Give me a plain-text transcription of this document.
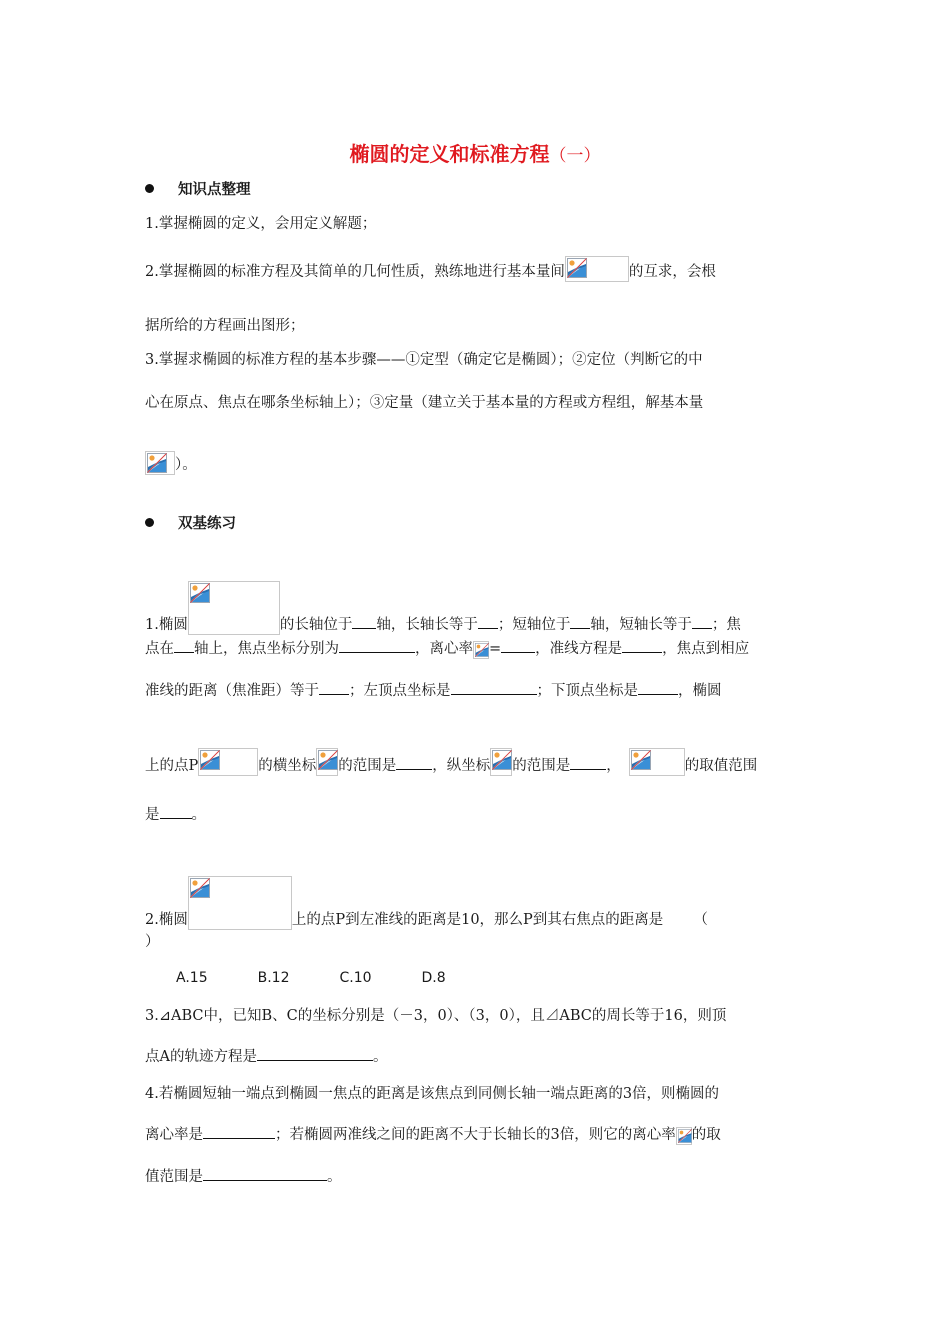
椭圆的定义和标准方程（一）
知识点整理
1.掌握椭圆的定义，会用定义解题；
2.掌握椭圆的标准方程及其简单的几何性质，熟练地进行基本量间	的互求，会根
据所给的方程画出图形；
3.掌握求椭圆的标准方程的基本步骤——①定型（确定它是椭圆）；②定位（判断它的中
心在原点、焦点在哪条坐标轴上）；③定量（建立关于基本量的方程或方程组，解基本量
）。
双基练习
1.椭圆	的长轴位于 轴，长轴长等于 ；短轴位于 轴，短轴长等于 ；焦
点在 轴上，焦点坐标分别为	，离心率 = ，准线方程是	，焦点到相应
准线的距离（焦准距）等于 ；左顶点坐标是	；下顶点坐标是	，椭圆
上的点P	的横坐标 的范围是 ，纵坐标 的范围是 ，	的取值范围
是 。
2.椭圆	上的点P到左准线的距离是10，那么P到其右焦点的距离是 （
）
A.15	B.12	C.10	D.8
3.⊿ABC中，已知B、C的坐标分别是（－3，0）、（3，0），且⊿ABC的周长等于16，则顶
点A的轨迹方程是	。
4.若椭圆短轴一端点到椭圆一焦点的距离是该焦点到同侧长轴一端点距离的3倍，则椭圆的
离心率是	；若椭圆两准线之间的距离不大于长轴长的3倍，则它的离心率 的取
值范围是	。
